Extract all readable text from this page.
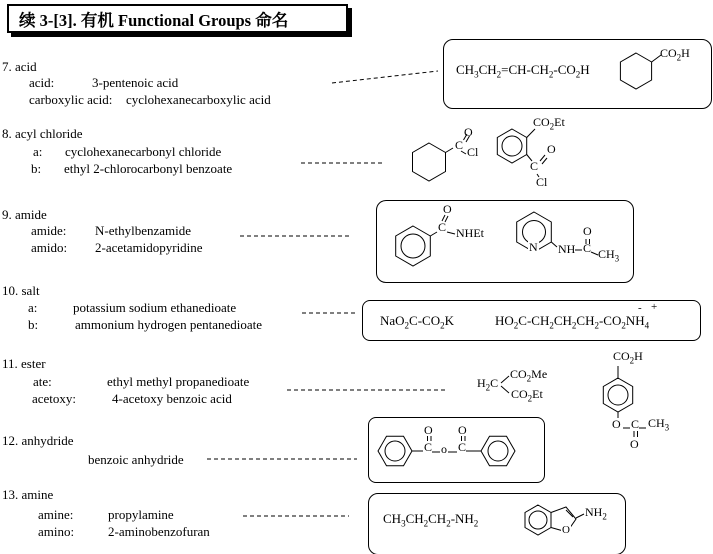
续 3-[3]. 有机 Functional Groups 命名
7. acid
acid:	3-pentenoic acid
carboxylic acid: cyclohexanecarboxylic acid
8. acyl chloride
a: cyclohexanecarbonyl chloride
b: ethyl 2-chlorocarbonyl benzoate
9. amide
amide: N-ethylbenzamide
amido: 2-acetamidopyridine
10. salt
a:	potassium sodium ethanedioate
b:	ammonium hydrogen pentanedioate
11. ester
ate:	ethyl methyl propanedioate
acetoxy:	4-acetoxy benzoic acid
12. anhydride
benzoic anhydride
13. amine
amine:	propylamine
amino:	2-aminobenzofuran
$CH_3CH_2=CH-CH_2-CO_2H$
$CO_2H$
C
O
Cl
$CO_2Et$
C
O
Cl
C
O
NHEt
N NH C
O
$CH_3$
$NaO_2C-CO_2K$	$HO_2C-CH_2CH_2CH_2-CO_2NH_4$
- +
$H_2C$
$CO_2Me$
$CO_2Et$
$CO_2H$
O C $CH_3$
O
C
O
o C
O
$CH_3CH_2CH_2-NH_2$
O
$NH_2$
